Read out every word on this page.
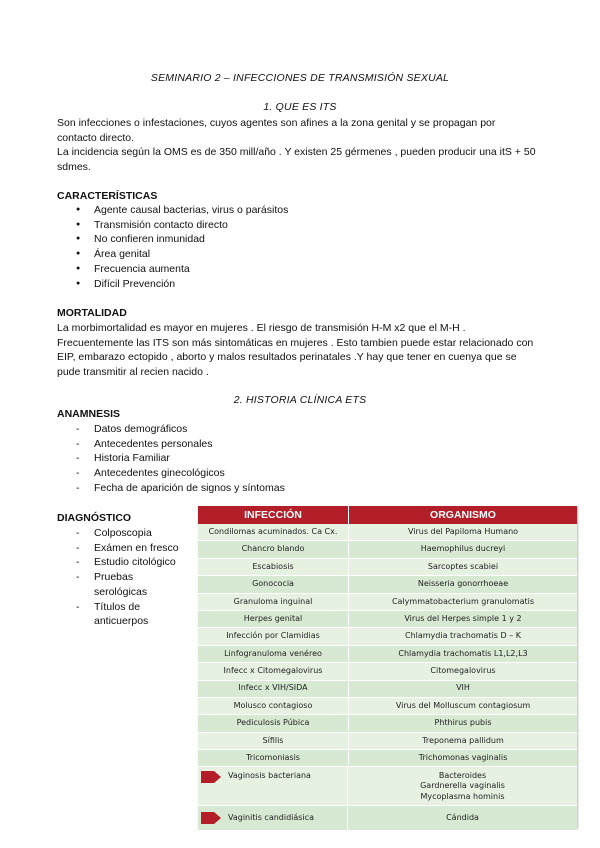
SEMINARIO 2 – INFECCIONES DE TRANSMISIÓN SEXUAL
1. QUE ES ITS
Son infecciones o infestaciones, cuyos agentes son afines a la zona genital y se propagan por
contacto directo.
La incidencia según la OMS es de 350 mill/año . Y existen 25 gérmenes , pueden producir una itS + 50
sdmes.
CARACTERÍSTICAS
● Agente causal bacterias, virus o parásitos
● Transmisión contacto directo
● No confieren inmunidad
● Área genital
● Frecuencia aumenta
● Difícil Prevención
MORTALIDAD
La morbimortalidad es mayor en mujeres . El riesgo de transmisión H-M x2 que el M-H .
Frecuentemente las ITS son más sintomáticas en mujeres . Esto tambien puede estar relacionado con
EIP, embarazo ectopido , aborto y malos resultados perinatales .Y hay que tener en cuenya que se
pude transmitir al recien nacido .
2. HISTORIA CLÍNICA ETS
ANAMNESIS
- Datos demográficos
- Antecedentes personales
- Historia Familiar
- Antecedentes ginecológicos
- Fecha de aparición de signos y síntomas
DIAGNÓSTICO
- Colposcopia
- Exámen en fresco
- Estudio citológico
- Pruebas serológicas
- Títulos de anticuerpos
INFECCIÓN	ORGANISMO
Condilomas acuminados. Ca Cx.	Virus del Papiloma Humano
Chancro blando	Haemophilus ducreyi
Escabiosis	Sarcoptes scabiei
Gonococia	Neisseria gonorrhoeae
Granuloma inguinal	Calymmatobacterium granulomatis
Herpes genital	Virus del Herpes simple 1 y 2
Infección por Clamidias	Chlamydia trachomatis D – K
Linfogranuloma venéreo	Chlamydia trachomatis L1,L2,L3
Infecc x Citomegalovirus	Citomegalovirus
Infecc x VIH/SIDA	VIH
Molusco contagioso	Virus del Molluscum contagiosum
Pediculosis Púbica	Phthirus pubis
Sífilis	Treponema pallidum
Tricomoniasis	Trichomonas vaginalis
Vaginosis bacteriana	Bacteroides
Gardnerella vaginalis
Mycoplasma hominis
Vaginitis candidiásica	Cándida
